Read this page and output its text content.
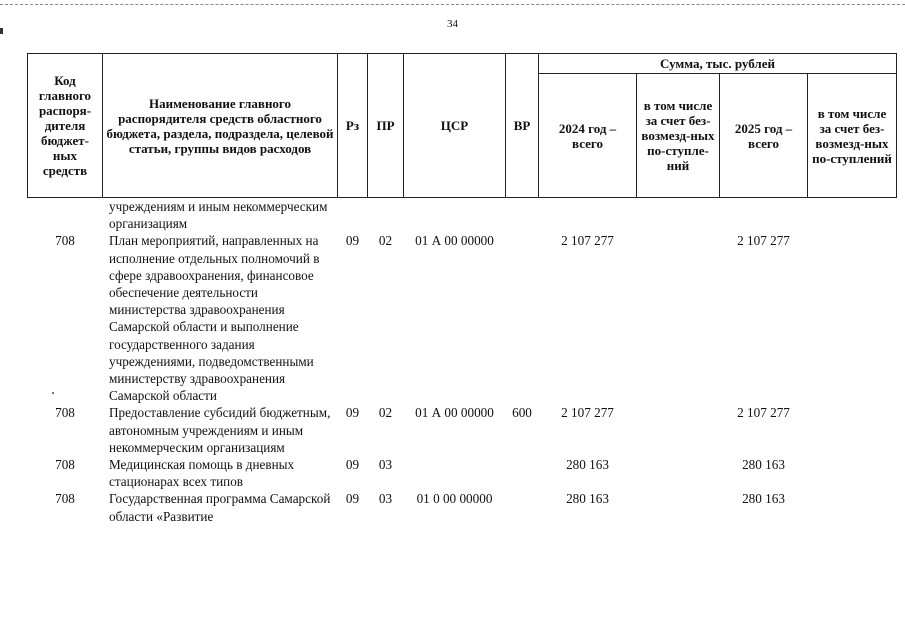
34
Код главного распоря-дителя бюджет-ных средств	Наименование главного распорядителя средств областного бюджета, раздела, подраздела, целевой статьи, группы видов расходов	Рз	ПР	ЦСР	ВР	Сумма, тыс. рублей			
						2024 год – всего	в том числе за счет без-возмезд-ных по-ступле-ний	2025 год – всего	в том числе за счет без-возмезд-ных по-ступлений
	учреждениям и иным некоммерческим организациям								
708	План мероприятий, направленных на исполнение отдельных полномочий в сфере здравоохранения, финансовое обеспечение деятельности министерства здравоохранения Самарской области и выполнение государственного задания учреждениями, подведомственными министерству здравоохранения Самарской области	09	02	01 А 00 00000		2 107 277		2 107 277	
708	Предоставление субсидий бюджетным, автономным учреждениям и иным некоммерческим организациям	09	02	01 А 00 00000	600	2 107 277		2 107 277	
708	Медицинская помощь в дневных стационарах всех типов	09	03			280 163		280 163	
708	Государственная программа Самарской области «Развитие	09	03	01 0 00 00000		280 163		280 163	
